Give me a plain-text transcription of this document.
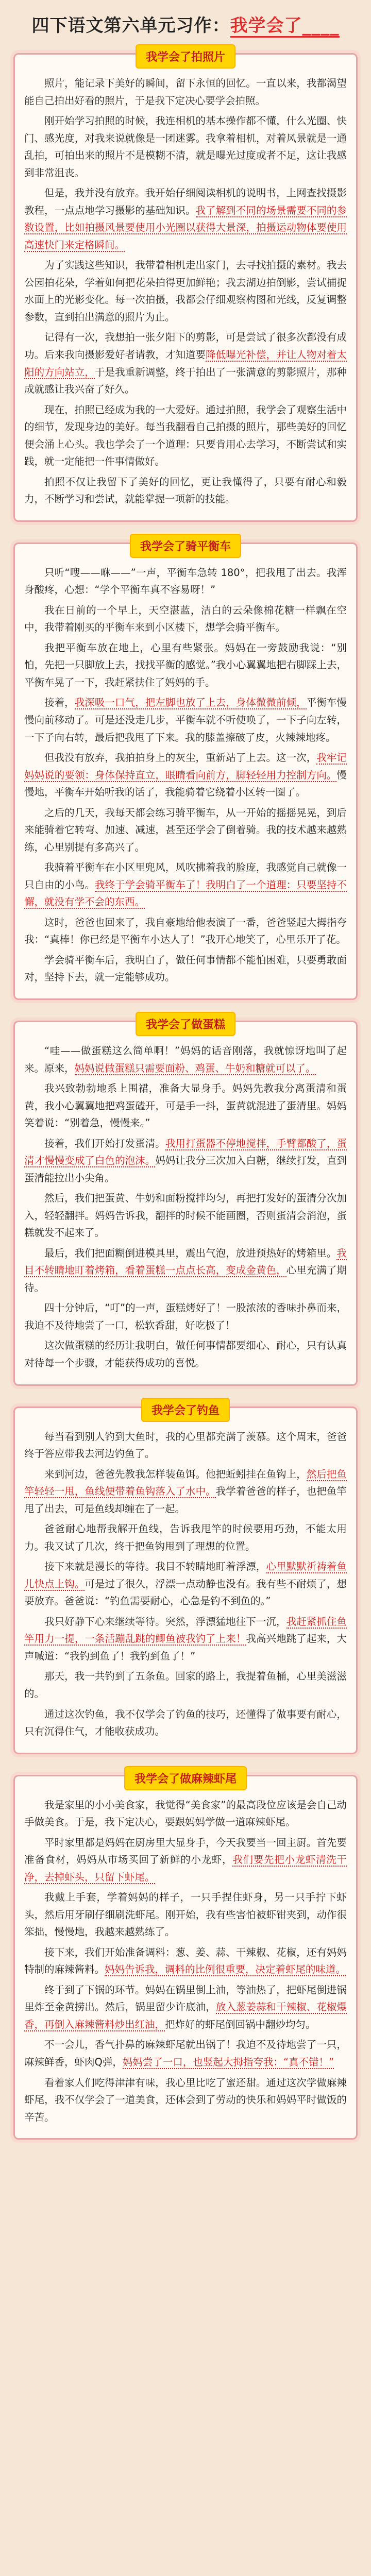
四下语文第六单元习作：我学会了____
我学会了拍照片

照片，能记录下美好的瞬间，留下永恒的回忆。一直以来，我都渴望能自己拍出好看的照片，于是我下定决心要学会拍照。

刚开始学习拍照的时候，我连相机的基本操作都不懂，什么光圈、快门、感光度，对我来说就像是一团迷雾。我拿着相机，对着风景就是一通乱拍，可拍出来的照片不是模糊不清，就是曝光过度或者不足，这让我感到非常沮丧。

但是，我并没有放弃。我开始仔细阅读相机的说明书，上网查找摄影教程，一点点地学习摄影的基础知识。我了解到不同的场景需要不同的参数设置，比如拍摄风景要使用小光圈以获得大景深，拍摄运动物体要使用高速快门来定格瞬间。

为了实践这些知识，我带着相机走出家门，去寻找拍摄的素材。我去公园拍花朵，学着如何把花朵拍得更加鲜艳；我去湖边拍倒影，尝试捕捉水面上的光影变化。每一次拍摄，我都会仔细观察构图和光线，反复调整参数，直到拍出满意的照片为止。

记得有一次，我想拍一张夕阳下的剪影，可是尝试了很多次都没有成功。后来我向摄影爱好者请教，才知道要降低曝光补偿，并让人物对着太阳的方向站立，于是我重新调整，终于拍出了一张满意的剪影照片，那种成就感让我兴奋了好久。

现在，拍照已经成为我的一大爱好。通过拍照，我学会了观察生活中的细节，发现身边的美好。每当我翻看自己拍摄的照片，那些美好的回忆便会涌上心头。我也学会了一个道理：只要肯用心去学习，不断尝试和实践，就一定能把一件事情做好。

拍照不仅让我留下了美好的回忆，更让我懂得了，只要有耐心和毅力，不断学习和尝试，就能掌握一项新的技能。

我学会了骑平衡车

只听“嗖——咻——”一声，平衡车急转 180°，把我甩了出去。我浑身酸疼，心想：“学个平衡车真不容易呀！”

我在日前的一个早上，天空湛蓝，洁白的云朵像棉花糖一样飘在空中，我带着刚买的平衡车来到小区楼下，想学会骑平衡车。

我把平衡车放在地上，心里有些紧张。妈妈在一旁鼓励我说：“别怕，先把一只脚放上去，找找平衡的感觉。”我小心翼翼地把右脚踩上去，平衡车晃了一下，我赶紧扶住了妈妈的手。

接着，我深吸一口气，把左脚也放了上去，身体微微前倾，平衡车慢慢向前移动了。可是还没走几步，平衡车就不听使唤了，一下子向左转，一下子向右转，最后把我甩了下来。我的膝盖擦破了皮，火辣辣地疼。

但我没有放弃，我拍拍身上的灰尘，重新站了上去。这一次，我牢记妈妈说的要领：身体保持直立，眼睛看向前方，脚轻轻用力控制方向。慢慢地，平衡车开始听我的话了，我能骑着它绕着小区转一圈了。

之后的几天，我每天都会练习骑平衡车，从一开始的摇摇晃晃，到后来能骑着它转弯、加速、减速，甚至还学会了倒着骑。我的技术越来越熟练，心里别提有多高兴了。

我骑着平衡车在小区里兜风，风吹拂着我的脸庞，我感觉自己就像一只自由的小鸟。我终于学会骑平衡车了！我明白了一个道理：只要坚持不懈，就没有学不会的东西。

这时，爸爸也回来了，我自豪地给他表演了一番，爸爸竖起大拇指夸我：“真棒！你已经是平衡车小达人了！”我开心地笑了，心里乐开了花。

学会骑平衡车后，我明白了，做任何事情都不能怕困难，只要勇敢面对，坚持下去，就一定能够成功。

我学会了做蛋糕

“哇——做蛋糕这么简单啊！”妈妈的话音刚落，我就惊讶地叫了起来。原来，妈妈说做蛋糕只需要面粉、鸡蛋、牛奶和糖就可以了。

我兴致勃勃地系上围裙，准备大显身手。妈妈先教我分离蛋清和蛋黄，我小心翼翼地把鸡蛋磕开，可是手一抖，蛋黄就混进了蛋清里。妈妈笑着说：“别着急，慢慢来。”

接着，我们开始打发蛋清。我用打蛋器不停地搅拌，手臂都酸了，蛋清才慢慢变成了白色的泡沫。妈妈让我分三次加入白糖，继续打发，直到蛋清能拉出小尖角。

然后，我们把蛋黄、牛奶和面粉搅拌均匀，再把打发好的蛋清分次加入，轻轻翻拌。妈妈告诉我，翻拌的时候不能画圈，否则蛋清会消泡，蛋糕就发不起来了。

最后，我们把面糊倒进模具里，震出气泡，放进预热好的烤箱里。我目不转睛地盯着烤箱，看着蛋糕一点点长高，变成金黄色，心里充满了期待。

四十分钟后，“叮”的一声，蛋糕烤好了！一股浓浓的香味扑鼻而来，我迫不及待地尝了一口，松软香甜，好吃极了！

这次做蛋糕的经历让我明白，做任何事情都要细心、耐心，只有认真对待每一个步骤，才能获得成功的喜悦。

我学会了钓鱼

每当看到别人钓到大鱼时，我的心里都充满了羡慕。这个周末，爸爸终于答应带我去河边钓鱼了。

来到河边，爸爸先教我怎样装鱼饵。他把蚯蚓挂在鱼钩上，然后把鱼竿轻轻一甩，鱼线便带着鱼钩落入了水中。我学着爸爸的样子，也把鱼竿甩了出去，可是鱼线却缠在了一起。

爸爸耐心地帮我解开鱼线，告诉我甩竿的时候要用巧劲，不能太用力。我又试了几次，终于把鱼钩甩到了理想的位置。

接下来就是漫长的等待。我目不转睛地盯着浮漂，心里默默祈祷着鱼儿快点上钩。可是过了很久，浮漂一点动静也没有。我有些不耐烦了，想要放弃。爸爸说：“钓鱼需要耐心，心急是钓不到鱼的。”

我只好静下心来继续等待。突然，浮漂猛地往下一沉，我赶紧抓住鱼竿用力一提，一条活蹦乱跳的鲫鱼被我钓了上来！我高兴地跳了起来，大声喊道：“我钓到鱼了！我钓到鱼了！”

那天，我一共钓到了五条鱼。回家的路上，我提着鱼桶，心里美滋滋的。

通过这次钓鱼，我不仅学会了钓鱼的技巧，还懂得了做事要有耐心，只有沉得住气，才能收获成功。

我学会了做麻辣虾尾

我是家里的小小美食家，我觉得“美食家”的最高段位应该是会自己动手做美食。于是，我下定决心，要跟妈妈学做一道麻辣虾尾。

平时家里都是妈妈在厨房里大显身手，今天我要当一回主厨。首先要准备食材，妈妈从市场买回了新鲜的小龙虾，我们要先把小龙虾清洗干净，去掉虾头，只留下虾尾。

我戴上手套，学着妈妈的样子，一只手捏住虾身，另一只手拧下虾头，然后用牙刷仔细刷洗虾尾。刚开始，我有些害怕被虾钳夹到，动作很笨拙，慢慢地，我越来越熟练了。

接下来，我们开始准备调料：葱、姜、蒜、干辣椒、花椒，还有妈妈特制的麻辣酱料。妈妈告诉我，调料的比例很重要，决定着虾尾的味道。

终于到了下锅的环节。妈妈在锅里倒上油，等油热了，把虾尾倒进锅里炸至金黄捞出。然后，锅里留少许底油，放入葱姜蒜和干辣椒、花椒爆香，再倒入麻辣酱料炒出红油，把炸好的虾尾倒回锅中翻炒均匀。

不一会儿，香气扑鼻的麻辣虾尾就出锅了！我迫不及待地尝了一只，麻辣鲜香，虾肉Q弹，妈妈尝了一口，也竖起大拇指夸我：“真不错！”

看着家人们吃得津津有味，我心里比吃了蜜还甜。通过这次学做麻辣虾尾，我不仅学会了一道美食，还体会到了劳动的快乐和妈妈平时做饭的辛苦。
